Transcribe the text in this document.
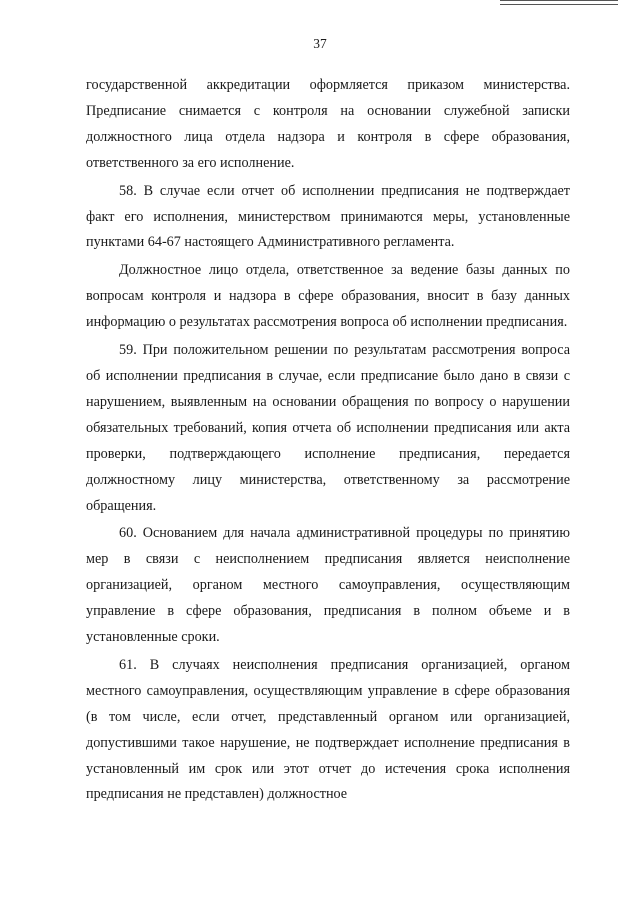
37

государственной аккредитации оформляется приказом министерства. Предписание снимается с контроля на основании служебной записки должностного лица отдела надзора и контроля в сфере образования, ответственного за его исполнение.

58. В случае если отчет об исполнении предписания не подтверждает факт его исполнения, министерством принимаются меры, установленные пунктами 64-67 настоящего Административного регламента.

Должностное лицо отдела, ответственное за ведение базы данных по вопросам контроля и надзора в сфере образования, вносит в базу данных информацию о результатах рассмотрения вопроса об исполнении предписания.

59. При положительном решении по результатам рассмотрения вопроса об исполнении предписания в случае, если предписание было дано в связи с нарушением, выявленным на основании обращения по вопросу о нарушении обязательных требований, копия отчета об исполнении предписания или акта проверки, подтверждающего исполнение предписания, передается должностному лицу министерства, ответственному за рассмотрение обращения.

60. Основанием для начала административной процедуры по принятию мер в связи с неисполнением предписания является неисполнение организацией, органом местного самоуправления, осуществляющим управление в сфере образования, предписания в полном объеме и в установленные сроки.

61. В случаях неисполнения предписания организацией, органом местного самоуправления, осуществляющим управление в сфере образования (в том числе, если отчет, представленный органом или организацией, допустившими такое нарушение, не подтверждает исполнение предписания в установленный им срок или этот отчет до истечения срока исполнения предписания не представлен) должностное
